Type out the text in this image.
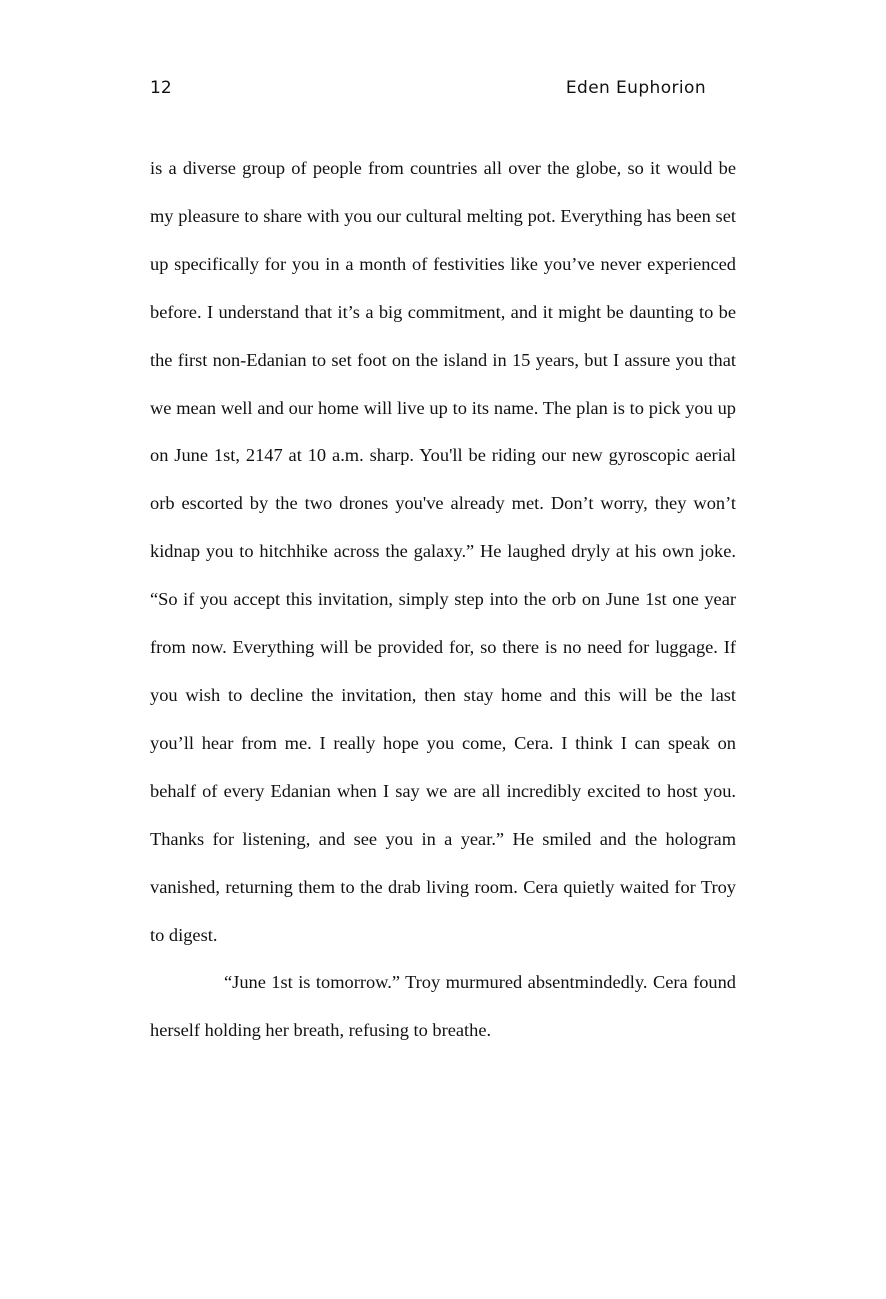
12	Eden Euphorion

is a diverse group of people from countries all over the globe, so it would be my pleasure to share with you our cultural melting pot. Everything has been set up specifically for you in a month of festivities like you’ve never experienced before. I understand that it’s a big commitment, and it might be daunting to be the first non-Edanian to set foot on the island in 15 years, but I assure you that we mean well and our home will live up to its name. The plan is to pick you up on June 1st, 2147 at 10 a.m. sharp. You'll be riding our new gyroscopic aerial orb escorted by the two drones you've already met. Don’t worry, they won’t kidnap you to hitchhike across the galaxy.” He laughed dryly at his own joke. “So if you accept this invitation, simply step into the orb on June 1st one year from now. Everything will be provided for, so there is no need for luggage. If you wish to decline the invitation, then stay home and this will be the last you’ll hear from me. I really hope you come, Cera. I think I can speak on behalf of every Edanian when I say we are all incredibly excited to host you. Thanks for listening, and see you in a year.” He smiled and the hologram vanished, returning them to the drab living room. Cera quietly waited for Troy to digest.

“June 1st is tomorrow.” Troy murmured absentmindedly. Cera found herself holding her breath, refusing to breathe.
